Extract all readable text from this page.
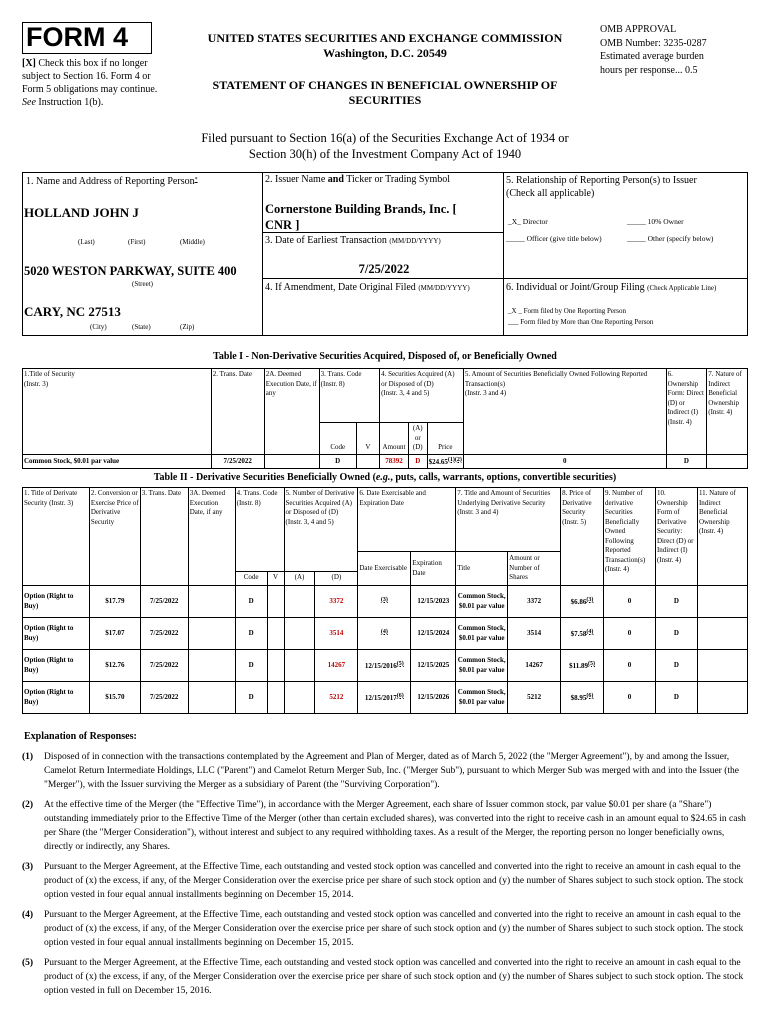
FORM 4
[X] Check this box if no longer subject to Section 16. Form 4 or Form 5 obligations may continue. See Instruction 1(b).
UNITED STATES SECURITIES AND EXCHANGE COMMISSION
Washington, D.C. 20549
STATEMENT OF CHANGES IN BENEFICIAL OWNERSHIP OF SECURITIES
OMB APPROVAL
OMB Number: 3235-0287
Estimated average burden
hours per response... 0.5
Filed pursuant to Section 16(a) of the Securities Exchange Act of 1934 or
Section 30(h) of the Investment Company Act of 1940
1. Name and Address of Reporting Person*
HOLLAND JOHN J
(Last)	(First)	(Middle)
5020 WESTON PARKWAY, SUITE 400
(Street)
CARY, NC 27513
(City)	(State)	(Zip)
2. Issuer Name and Ticker or Trading Symbol
Cornerstone Building Brands, Inc. [
CNR ]
3. Date of Earliest Transaction (MM/DD/YYYY)
7/25/2022
4. If Amendment, Date Original Filed (MM/DD/YYYY)
5. Relationship of Reporting Person(s) to Issuer
(Check all applicable)
_X_ Director	_____ 10% Owner
_____ Officer (give title below)	_____ Other (specify below)
6. Individual or Joint/Group Filing (Check Applicable Line)
_X _ Form filed by One Reporting Person
___ Form filed by More than One Reporting Person
Table I - Non-Derivative Securities Acquired, Disposed of, or Beneficially Owned
1.Title of Security
(Instr. 3)	2. Trans. Date	2A. Deemed Execution Date, if any	3. Trans. Code
(Instr. 8)		4. Securities Acquired (A) or Disposed of (D)
(Instr. 3, 4 and 5)			5. Amount of Securities Beneficially Owned Following Reported Transaction(s)
(Instr. 3 and 4)	6. Ownership Form: Direct (D) or Indirect (I) (Instr. 4)	7. Nature of Indirect Beneficial Ownership (Instr. 4)
			Code	V	Amount	(A) or (D)	Price			
Common Stock, $0.01 par value	7/25/2022		D		78392	D	$\$24.65^{(1)(2)}$	0	D	
Table II - Derivative Securities Beneficially Owned (e.g., puts, calls, warrants, options, convertible securities)
1. Title of Derivate Security (Instr. 3)	2. Conversion or Exercise Price of Derivative Security	3. Trans. Date	3A. Deemed Execution Date, if any	4. Trans. Code (Instr. 8)		5. Number of Derivative Securities Acquired (A) or Disposed of (D) (Instr. 3, 4 and 5)		6. Date Exercisable and Expiration Date		7. Title and Amount of Securities Underlying Derivative Security (Instr. 3 and 4)		8. Price of Derivative Security (Instr. 5)	9. Number of derivative Securities Beneficially Owned Following Reported Transaction(s) (Instr. 4)	10. Ownership Form of Derivative Security: Direct (D) or Indirect (I) (Instr. 4)	11. Nature of Indirect Beneficial Ownership (Instr. 4)
								Date Exercisable	Expiration Date	Title	Amount or Number of Shares				
				Code	V	(A)	(D)								
Option (Right to Buy)	$17.79	7/25/2022		D			3372	$^{(3)}$	12/15/2023	Common Stock, $0.01 par value	3372	$6.86$^{(3)}$	0	D	
Option (Right to Buy)	$17.07	7/25/2022		D			3514	$^{(4)}$	12/15/2024	Common Stock, $0.01 par value	3514	$7.58$^{(4)}$	0	D	
Option (Right to Buy)	$12.76	7/25/2022		D			14267	12/15/2016$^{(5)}$	12/15/2025	Common Stock, $0.01 par value	14267	$11.89$^{(5)}$	0	D	
Option (Right to Buy)	$15.70	7/25/2022		D			5212	12/15/2017$^{(6)}$	12/15/2026	Common Stock, $0.01 par value	5212	$8.95$^{(6)}$	0	D	
Explanation of Responses:
(1)	Disposed of in connection with the transactions contemplated by the Agreement and Plan of Merger, dated as of March 5, 2022 (the "Merger Agreement"), by and among the Issuer, Camelot Return Intermediate Holdings, LLC ("Parent") and Camelot Return Merger Sub, Inc. ("Merger Sub"), pursuant to which Merger Sub was merged with and into the Issuer (the "Merger"), with the Issuer surviving the Merger as a subsidiary of Parent (the "Surviving Corporation").
(2)	At the effective time of the Merger (the "Effective Time"), in accordance with the Merger Agreement, each share of Issuer common stock, par value $0.01 per share (a "Share") outstanding immediately prior to the Effective Time of the Merger (other than certain excluded shares), was converted into the right to receive cash in an amount equal to $24.65 in cash per Share (the "Merger Consideration"), without interest and subject to any required withholding taxes. As a result of the Merger, the reporting person no longer beneficially owns, directly or indirectly, any Shares.
(3)	Pursuant to the Merger Agreement, at the Effective Time, each outstanding and vested stock option was cancelled and converted into the right to receive an amount in cash equal to the product of (x) the excess, if any, of the Merger Consideration over the exercise price per share of such stock option and (y) the number of Shares subject to such stock option. The stock option vested in four equal annual installments beginning on December 15, 2014.
(4)	Pursuant to the Merger Agreement, at the Effective Time, each outstanding and vested stock option was cancelled and converted into the right to receive an amount in cash equal to the product of (x) the excess, if any, of the Merger Consideration over the exercise price per share of such stock option and (y) the number of Shares subject to such stock option. The stock option vested in four equal annual installments beginning on December 15, 2015.
(5)	Pursuant to the Merger Agreement, at the Effective Time, each outstanding and vested stock option was cancelled and converted into the right to receive an amount in cash equal to the product of (x) the excess, if any, of the Merger Consideration over the exercise price per share of such stock option and (y) the number of Shares subject to such stock option. The stock option vested in full on December 15, 2016.
